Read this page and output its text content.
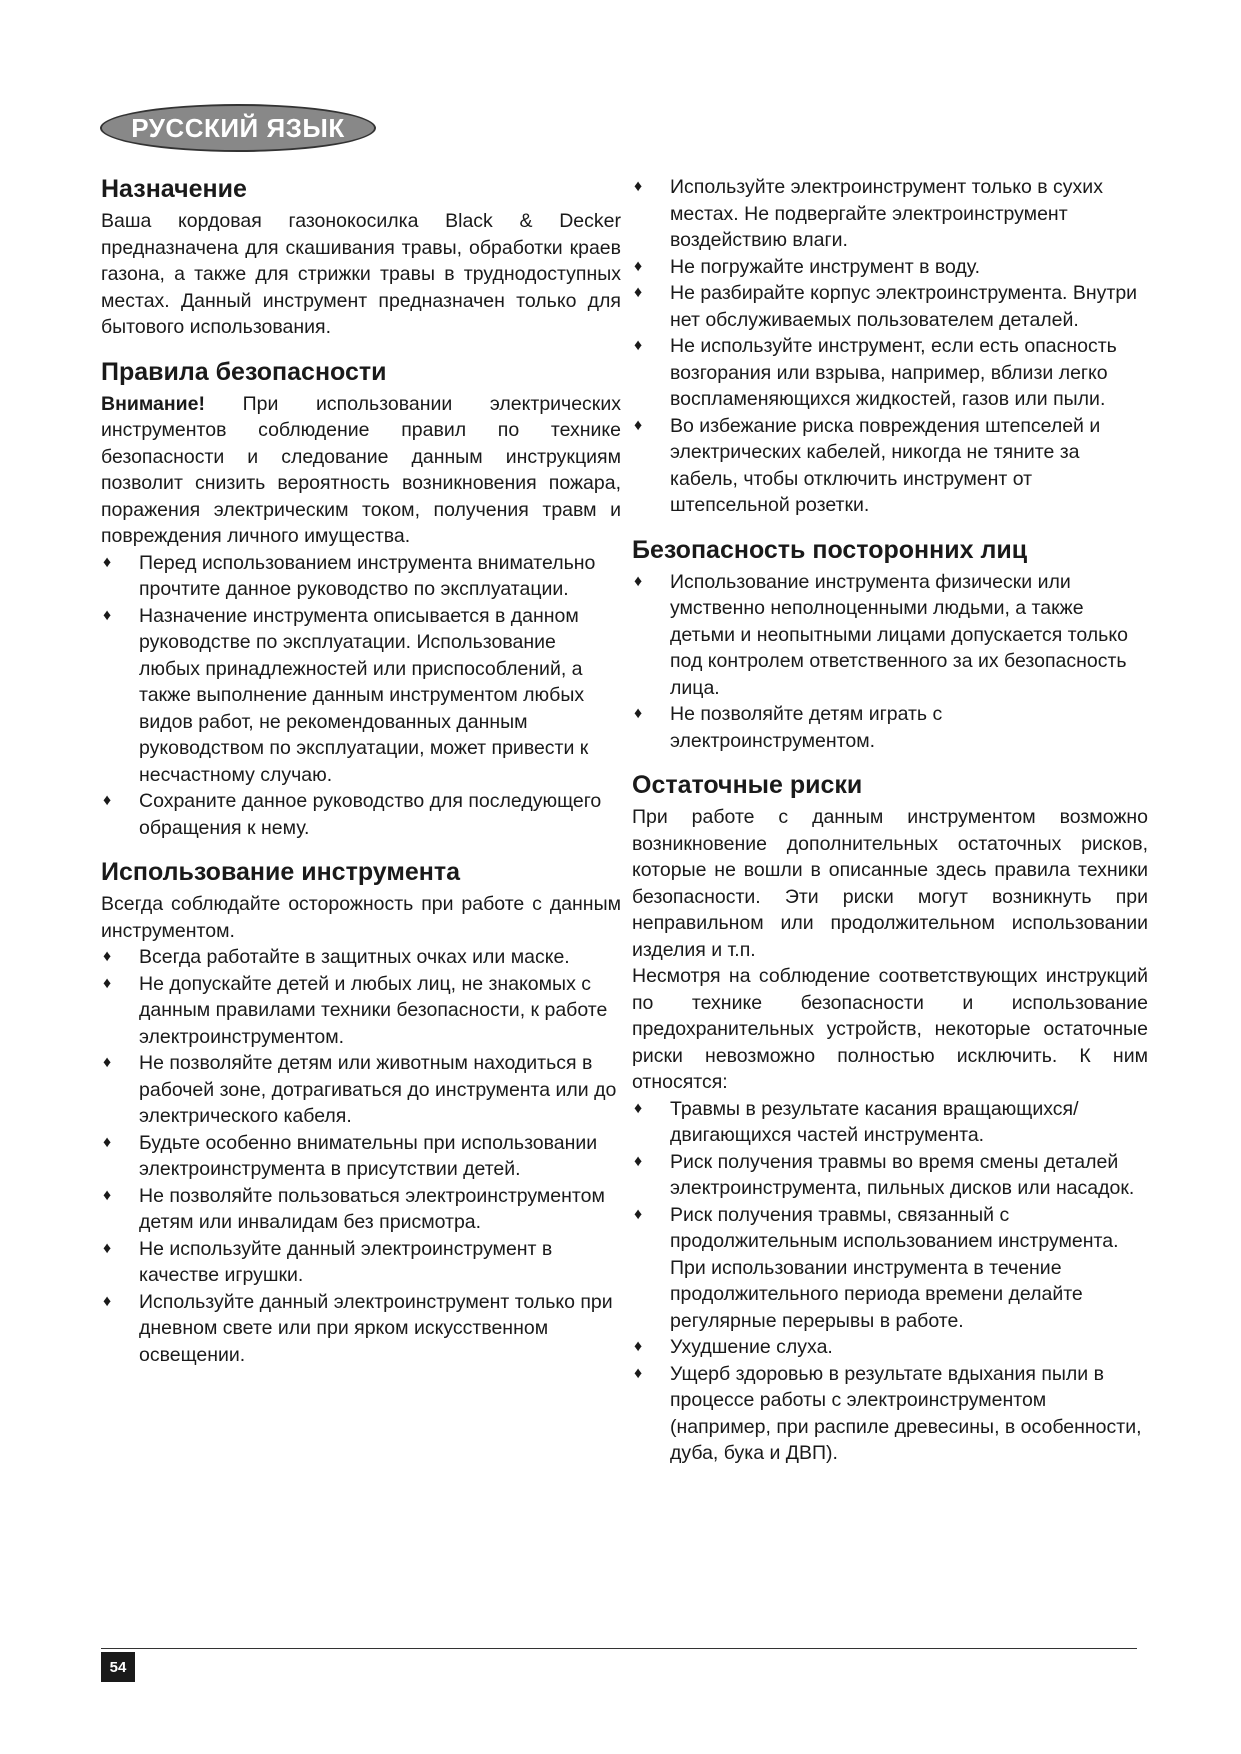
РУССКИЙ ЯЗЫК
Назначение

Ваша кордовая газонокосилка Black & Decker предназначена для скашивания травы, обработки краев газона, а также для стрижки травы в труднодоступных местах. Данный инструмент предназначен только для бытового использования.

Правила безопасности

Внимание! При использовании электрических инструментов соблюдение правил по технике безопасности и следование данным инструкциям позволит снизить вероятность возникновения пожара, поражения электрическим током, получения травм и повреждения личного имущества.

♦ Перед использованием инструмента внимательно прочтите данное руководство по эксплуатации.
♦ Назначение инструмента описывается в данном руководстве по эксплуатации. Использование любых принадлежностей или приспособлений, а также выполнение данным инструментом любых видов работ, не рекомендованных данным руководством по эксплуатации, может привести к несчастному случаю.
♦ Сохраните данное руководство для последующего обращения к нему.
Использование инструмента

Всегда соблюдайте осторожность при работе с данным инструментом.

♦ Всегда работайте в защитных очках или маске.
♦ Не допускайте детей и любых лиц, не знакомых с данным правилами техники безопасности, к работе электроинструментом.
♦ Не позволяйте детям или животным находиться в рабочей зоне, дотрагиваться до инструмента или до электрического кабеля.
♦ Будьте особенно внимательны при использовании электроинструмента в присутствии детей.
♦ Не позволяйте пользоваться электроинструментом детям или инвалидам без присмотра.
♦ Не используйте данный электроинструмент в качестве игрушки.
♦ Используйте данный электроинструмент только при дневном свете или при ярком искусственном освещении.
♦ Используйте электроинструмент только в сухих местах. Не подвергайте электроинструмент воздействию влаги.
♦ Не погружайте инструмент в воду.
♦ Не разбирайте корпус электроинструмента. Внутри нет обслуживаемых пользователем деталей.
♦ Не используйте инструмент, если есть опасность возгорания или взрыва, например, вблизи легко воспламеняющихся жидкостей, газов или пыли.
♦ Во избежание риска повреждения штепселей и электрических кабелей, никогда не тяните за кабель, чтобы отключить инструмент от штепсельной розетки.
Безопасность посторонних лиц
♦ Использование инструмента физически или умственно неполноценными людьми, а также детьми и неопытными лицами допускается только под контролем ответственного за их безопасность лица.
♦ Не позволяйте детям играть с электроинструментом.
Остаточные риски

При работе с данным инструментом возможно возникновение дополнительных остаточных рисков, которые не вошли в описанные здесь правила техники безопасности. Эти риски могут возникнуть при неправильном или продолжительном использовании изделия и т.п.

Несмотря на соблюдение соответствующих инструкций по технике безопасности и использование предохранительных устройств, некоторые остаточные риски невозможно полностью исключить. К ним относятся:

♦ Травмы в результате касания вращающихся/двигающихся частей инструмента.
♦ Риск получения травмы во время смены деталей электроинструмента, пильных дисков или насадок.
♦ Риск получения травмы, связанный с продолжительным использованием инструмента. При использовании инструмента в течение продолжительного периода времени делайте регулярные перерывы в работе.
♦ Ухудшение слуха.
♦ Ущерб здоровью в результате вдыхания пыли в процессе работы с электроинструментом (например, при распиле древесины, в особенности, дуба, бука и ДВП).
54
